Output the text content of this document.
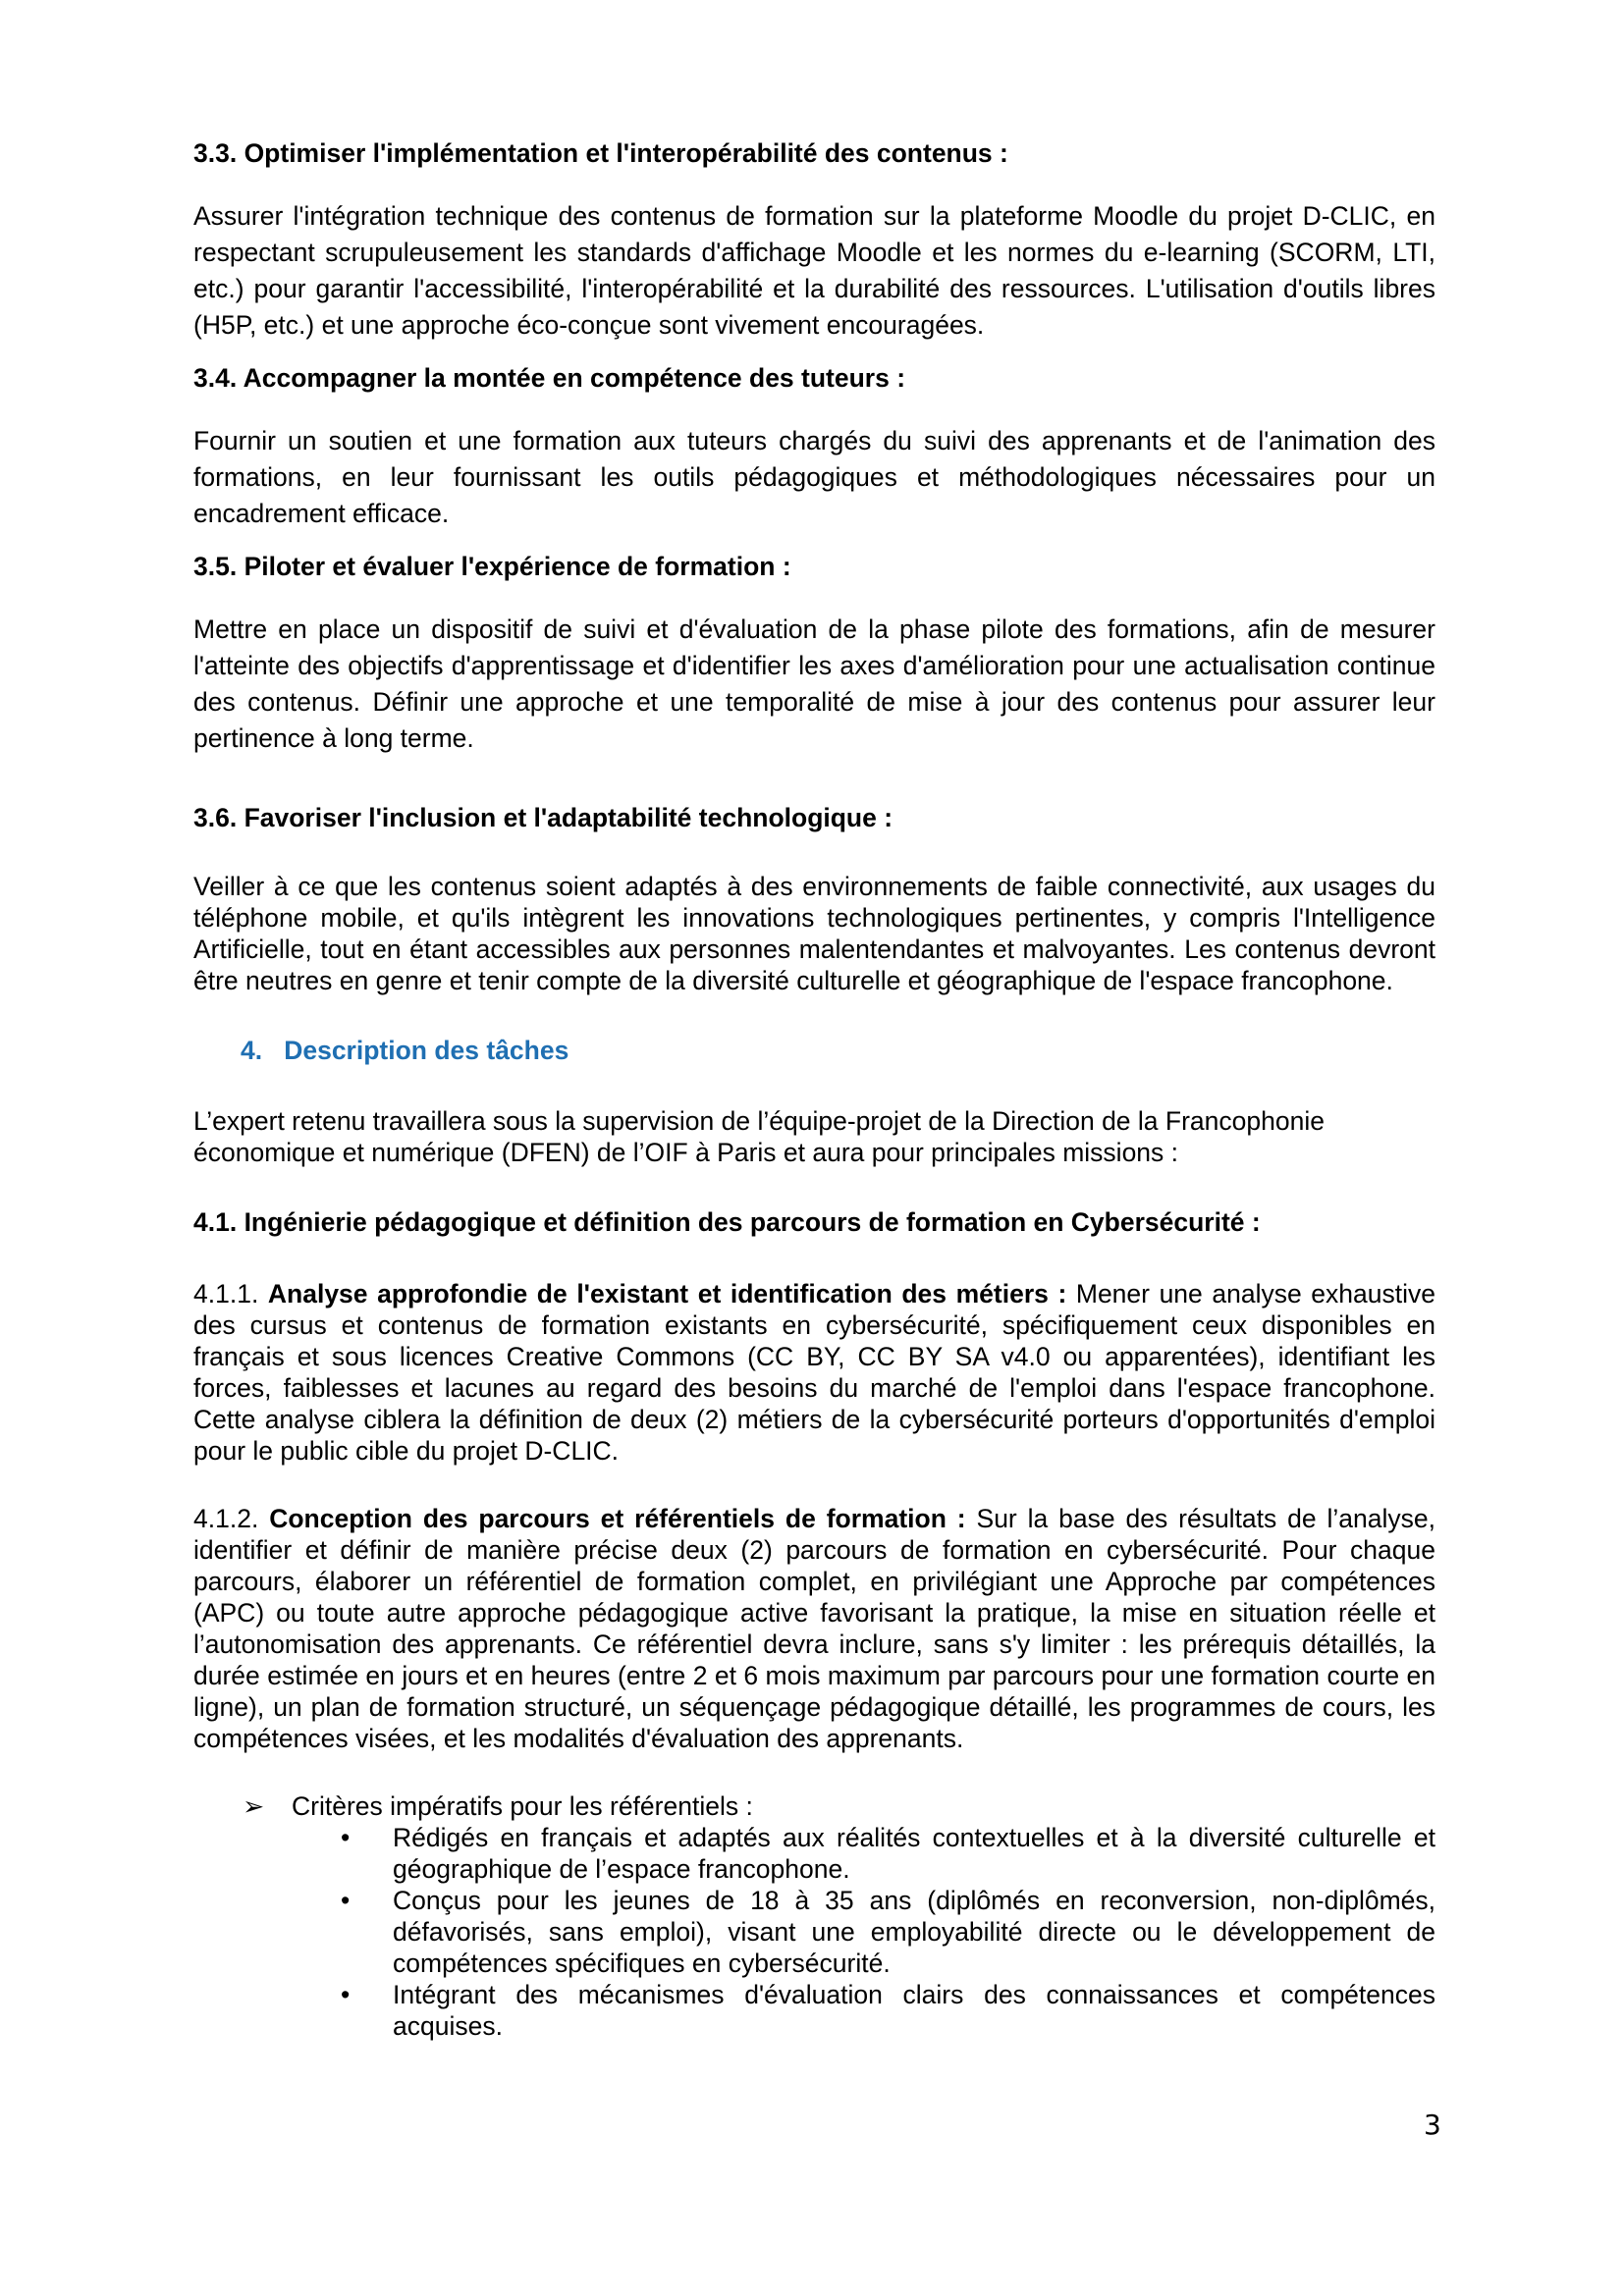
3.3. Optimiser l'implémentation et l'interopérabilité des contenus :

Assurer l'intégration technique des contenus de formation sur la plateforme Moodle du projet D-CLIC, en respectant scrupuleusement les standards d'affichage Moodle et les normes du e-learning (SCORM, LTI, etc.) pour garantir l'accessibilité, l'interopérabilité et la durabilité des ressources. L'utilisation d'outils libres (H5P, etc.) et une approche éco-conçue sont vivement encouragées.

3.4. Accompagner la montée en compétence des tuteurs :

Fournir un soutien et une formation aux tuteurs chargés du suivi des apprenants et de l'animation des formations, en leur fournissant les outils pédagogiques et méthodologiques nécessaires pour un encadrement efficace.

3.5. Piloter et évaluer l'expérience de formation :

Mettre en place un dispositif de suivi et d'évaluation de la phase pilote des formations, afin de mesurer l'atteinte des objectifs d'apprentissage et d'identifier les axes d'amélioration pour une actualisation continue des contenus. Définir une approche et une temporalité de mise à jour des contenus pour assurer leur pertinence à long terme.

3.6. Favoriser l'inclusion et l'adaptabilité technologique :

Veiller à ce que les contenus soient adaptés à des environnements de faible connectivité, aux usages du téléphone mobile, et qu'ils intègrent les innovations technologiques pertinentes, y compris l'Intelligence Artificielle, tout en étant accessibles aux personnes malentendantes et malvoyantes. Les contenus devront être neutres en genre et tenir compte de la diversité culturelle et géographique de l'espace francophone.

4. Description des tâches

L’expert retenu travaillera sous la supervision de l’équipe-projet de la Direction de la Francophonie économique et numérique (DFEN) de l’OIF à Paris et aura pour principales missions :

4.1. Ingénierie pédagogique et définition des parcours de formation en Cybersécurité :

4.1.1. Analyse approfondie de l'existant et identification des métiers : Mener une analyse exhaustive des cursus et contenus de formation existants en cybersécurité, spécifiquement ceux disponibles en français et sous licences Creative Commons (CC BY, CC BY SA v4.0 ou apparentées), identifiant les forces, faiblesses et lacunes au regard des besoins du marché de l'emploi dans l'espace francophone. Cette analyse ciblera la définition de deux (2) métiers de la cybersécurité porteurs d'opportunités d'emploi pour le public cible du projet D-CLIC.

4.1.2. Conception des parcours et référentiels de formation : Sur la base des résultats de l’analyse, identifier et définir de manière précise deux (2) parcours de formation en cybersécurité. Pour chaque parcours, élaborer un référentiel de formation complet, en privilégiant une Approche par compétences (APC) ou toute autre approche pédagogique active favorisant la pratique, la mise en situation réelle et l’autonomisation des apprenants. Ce référentiel devra inclure, sans s'y limiter : les prérequis détaillés, la durée estimée en jours et en heures (entre 2 et 6 mois maximum par parcours pour une formation courte en ligne), un plan de formation structuré, un séquençage pédagogique détaillé, les programmes de cours, les compétences visées, et les modalités d'évaluation des apprenants.

➢ Critères impératifs pour les référentiels :

• Rédigés en français et adaptés aux réalités contextuelles et à la diversité culturelle et géographique de l’espace francophone.
• Conçus pour les jeunes de 18 à 35 ans (diplômés en reconversion, non-diplômés, défavorisés, sans emploi), visant une employabilité directe ou le développement de compétences spécifiques en cybersécurité.
• Intégrant des mécanismes d'évaluation clairs des connaissances et compétences acquises.
3
